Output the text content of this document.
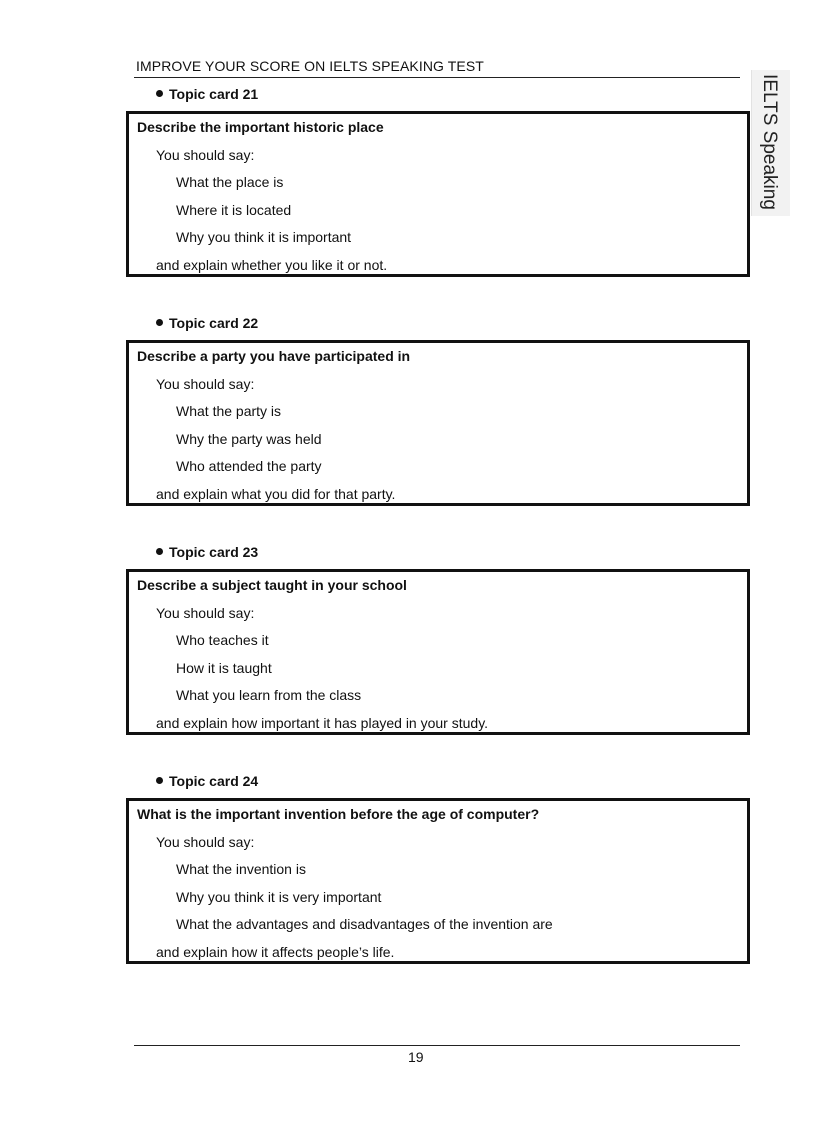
IMPROVE YOUR SCORE ON IELTS SPEAKING TEST
IELTS Speaking
Topic card 21
Describe the important historic place
You should say:
What the place is
Where it is located
Why you think it is important
and explain whether you like it or not.
Topic card 22
Describe a party you have participated in
You should say:
What the party is
Why the party was held
Who attended the party
and explain what you did for that party.
Topic card 23
Describe a subject taught in your school
You should say:
Who teaches it
How it is taught
What you learn from the class
and explain how important it has played in your study.
Topic card 24
What is the important invention before the age of computer?
You should say:
What the invention is
Why you think it is very important
What the advantages and disadvantages of the invention are
and explain how it affects people’s life.
19
